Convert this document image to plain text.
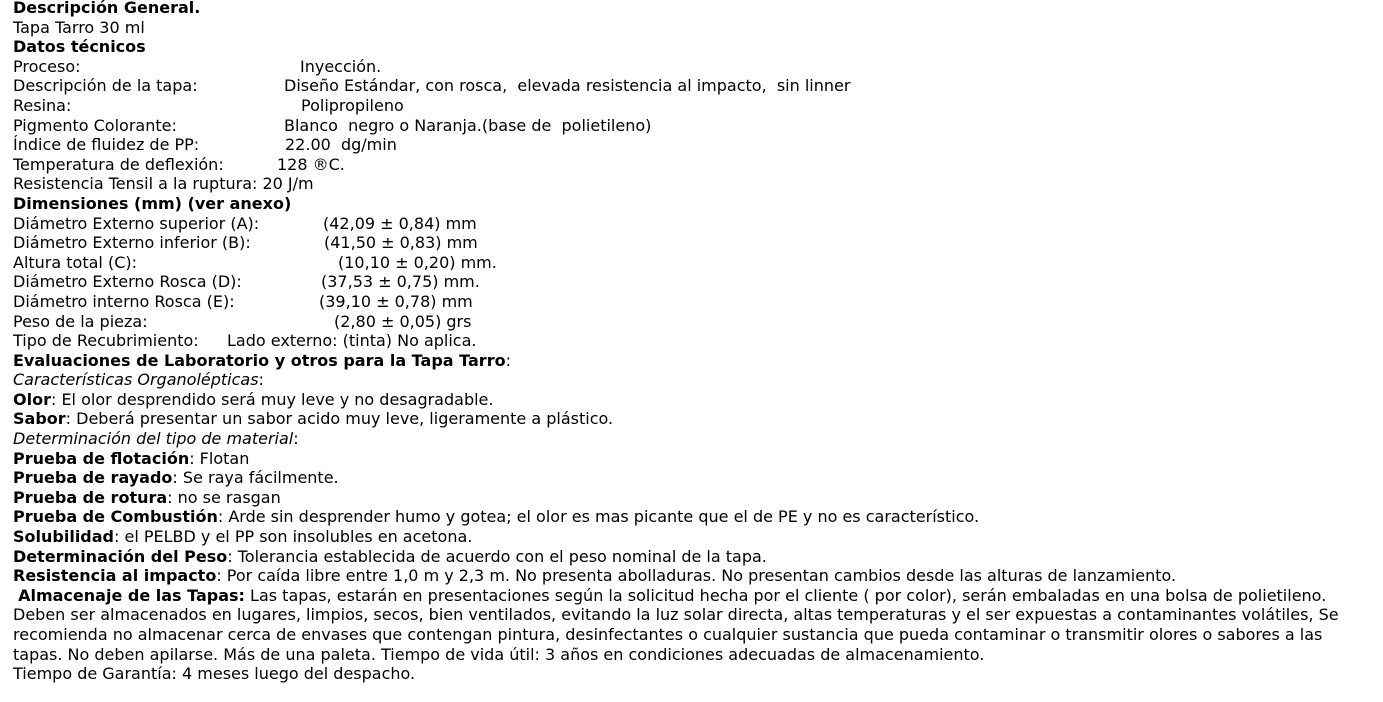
Descripción General.
Tapa Tarro 30 ml
Datos técnicos
Proceso:	Inyección.
Descripción de la tapa:	Diseño Estándar, con rosca,  elevada resistencia al impacto,  sin linner
Resina:	Polipropileno
Pigmento Colorante:	Blanco  negro o Naranja.(base de  polietileno)
Índice de fluidez de PP:	22.00  dg/min
Temperatura de deflexión:	128 ®C.
Resistencia Tensil a la ruptura: 20 J/m
Dimensiones (mm) (ver anexo)
Diámetro Externo superior (A):	(42,09 ± 0,84) mm
Diámetro Externo inferior (B):	(41,50 ± 0,83) mm
Altura total (C):	(10,10 ± 0,20) mm.
Diámetro Externo Rosca (D):	(37,53 ± 0,75) mm.
Diámetro interno Rosca (E):	(39,10 ± 0,78) mm
Peso de la pieza:	(2,80 ± 0,05) grs
Tipo de Recubrimiento: Lado externo: (tinta) No aplica.
Evaluaciones de Laboratorio y otros para la Tapa Tarro:
Características Organolépticas:
Olor: El olor desprendido será muy leve y no desagradable.
Sabor: Deberá presentar un sabor acido muy leve, ligeramente a plástico.
Determinación del tipo de material:
Prueba de flotación: Flotan
Prueba de rayado: Se raya fácilmente.
Prueba de rotura: no se rasgan
Prueba de Combustión: Arde sin desprender humo y gotea; el olor es mas picante que el de PE y no es característico.
Solubilidad: el PELBD y el PP son insolubles en acetona.
Determinación del Peso: Tolerancia establecida de acuerdo con el peso nominal de la tapa.
Resistencia al impacto: Por caída libre entre 1,0 m y 2,3 m. No presenta abolladuras. No presentan cambios desde las alturas de lanzamiento.
Almacenaje de las Tapas: Las tapas, estarán en presentaciones según la solicitud hecha por el cliente ( por color), serán embaladas en una bolsa de polietileno. Deben ser almacenados en lugares, limpios, secos, bien ventilados, evitando la luz solar directa, altas temperaturas y el ser expuestas a contaminantes volátiles, Se recomienda no almacenar cerca de envases que contengan pintura, desinfectantes o cualquier sustancia que pueda contaminar o transmitir olores o sabores a las tapas. No deben apilarse. Más de una paleta. Tiempo de vida útil: 3 años en condiciones adecuadas de almacenamiento.
Tiempo de Garantía: 4 meses luego del despacho.
